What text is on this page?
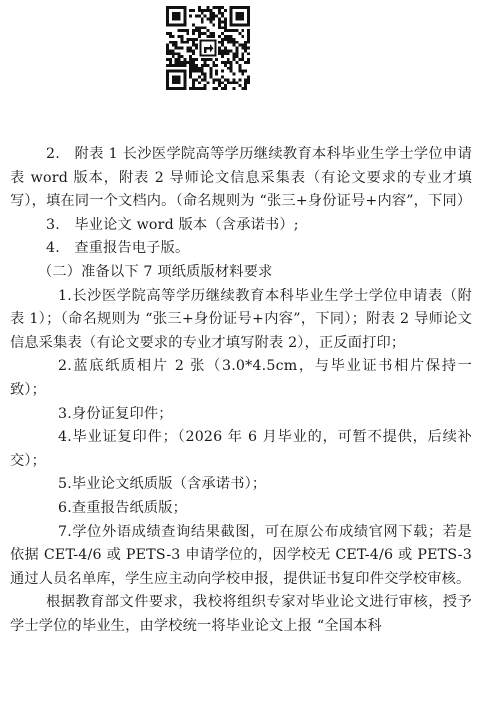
2.　附表 1 长沙医学院高等学历继续教育本科毕业生学士学位申请表 word 版本，附表 2 导师论文信息采集表（有论文要求的专业才填写），填在同一个文档内。（命名规则为 “张三+身份证号+内容”，下同）

3.　毕业论文 word 版本（含承诺书）;

4.　查重报告电子版。

（二）准备以下 7 项纸质版材料要求

1.长沙医学院高等学历继续教育本科毕业生学士学位申请表（附表 1）；（命名规则为 “张三+身份证号+内容”，下同）；附表 2 导师论文信息采集表（有论文要求的专业才填写附表 2），正反面打印；

2.蓝底纸质相片 2 张（3.0*4.5cm，与毕业证书相片保持一致）；

3.身份证复印件；

4.毕业证复印件；（2026 年 6 月毕业的，可暂不提供，后续补交）；

5.毕业论文纸质版（含承诺书）；

6.查重报告纸质版；

7.学位外语成绩查询结果截图，可在原公布成绩官网下载；若是依据 CET-4/6 或 PETS-3 申请学位的，因学校无 CET-4/6 或 PETS-3 通过人员名单库，学生应主动向学校申报，提供证书复印件交学校审核。

根据教育部文件要求，我校将组织专家对毕业论文进行审核，授予学士学位的毕业生，由学校统一将毕业论文上报 “全国本科
